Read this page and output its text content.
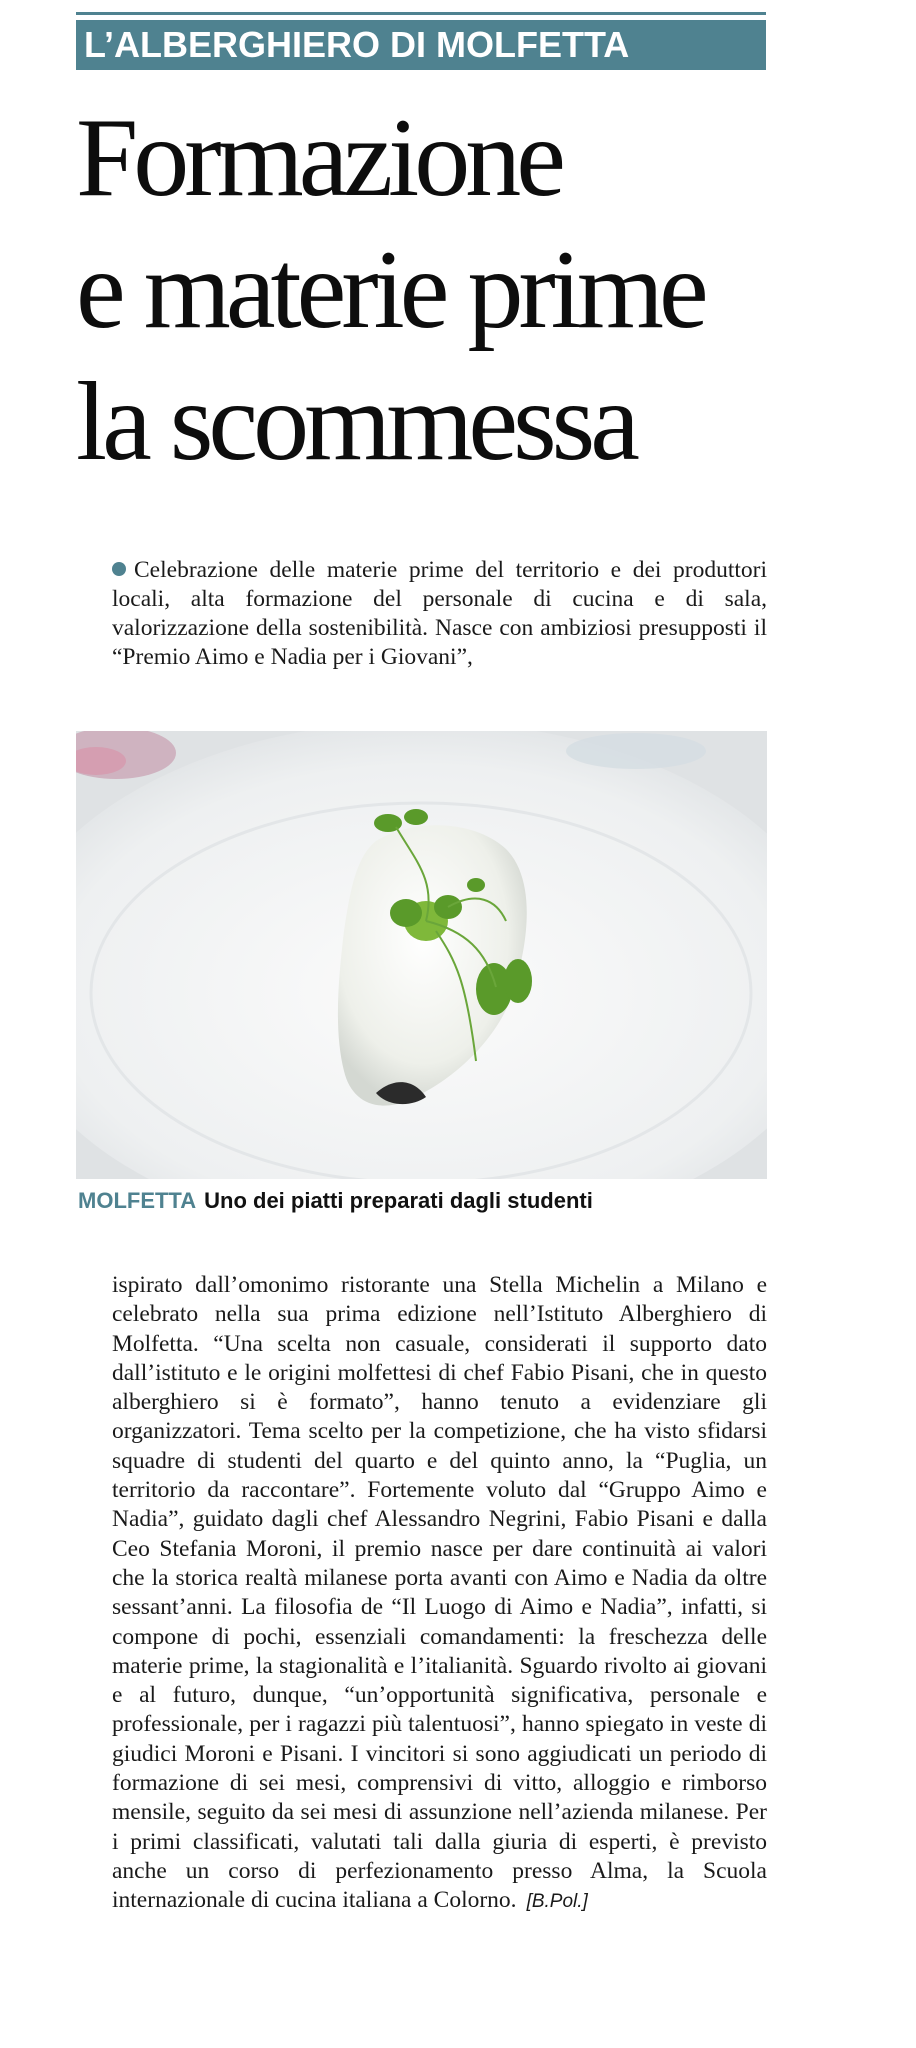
L’ALBERGHIERO DI MOLFETTA
Formazione
e materie prime
la scommessa

Celebrazione delle materie prime del territorio e dei produttori locali, alta formazione del personale di cucina e di sala, valorizzazione della sostenibilità. Nasce con ambiziosi presupposti il “Premio Aimo e Nadia per i Giovani”,

MOLFETTA Uno dei piatti preparati dagli studenti

ispirato dall’omonimo ristorante una Stella Michelin a Milano e celebrato nella sua prima edizione nell’Istituto Alberghiero di Molfetta. “Una scelta non casuale, considerati il supporto dato dall’istituto e le origini molfettesi di chef Fabio Pisani, che in questo alberghiero si è formato”, hanno tenuto a evidenziare gli organizzatori. Tema scelto per la competizione, che ha visto sfidarsi squadre di studenti del quarto e del quinto anno, la “Puglia, un territorio da raccontare”. Fortemente voluto dal “Gruppo Aimo e Nadia”, guidato dagli chef Alessandro Negrini, Fabio Pisani e dalla Ceo Stefania Moroni, il premio nasce per dare continuità ai valori che la storica realtà milanese porta avanti con Aimo e Nadia da oltre sessant’anni. La filosofia de “Il Luogo di Aimo e Nadia”, infatti, si compone di pochi, essenziali comandamenti: la freschezza delle materie prime, la stagionalità e l’italianità. Sguardo rivolto ai giovani e al futuro, dunque, “un’opportunità significativa, personale e professionale, per i ragazzi più talentuosi”, hanno spiegato in veste di giudici Moroni e Pisani. I vincitori si sono aggiudicati un periodo di formazione di sei mesi, comprensivi di vitto, alloggio e rimborso mensile, seguito da sei mesi di assunzione nell’azienda milanese. Per i primi classificati, valutati tali dalla giuria di esperti, è previsto anche un corso di perfezionamento presso Alma, la Scuola internazionale di cucina italiana a Colorno. [B.Pol.]
